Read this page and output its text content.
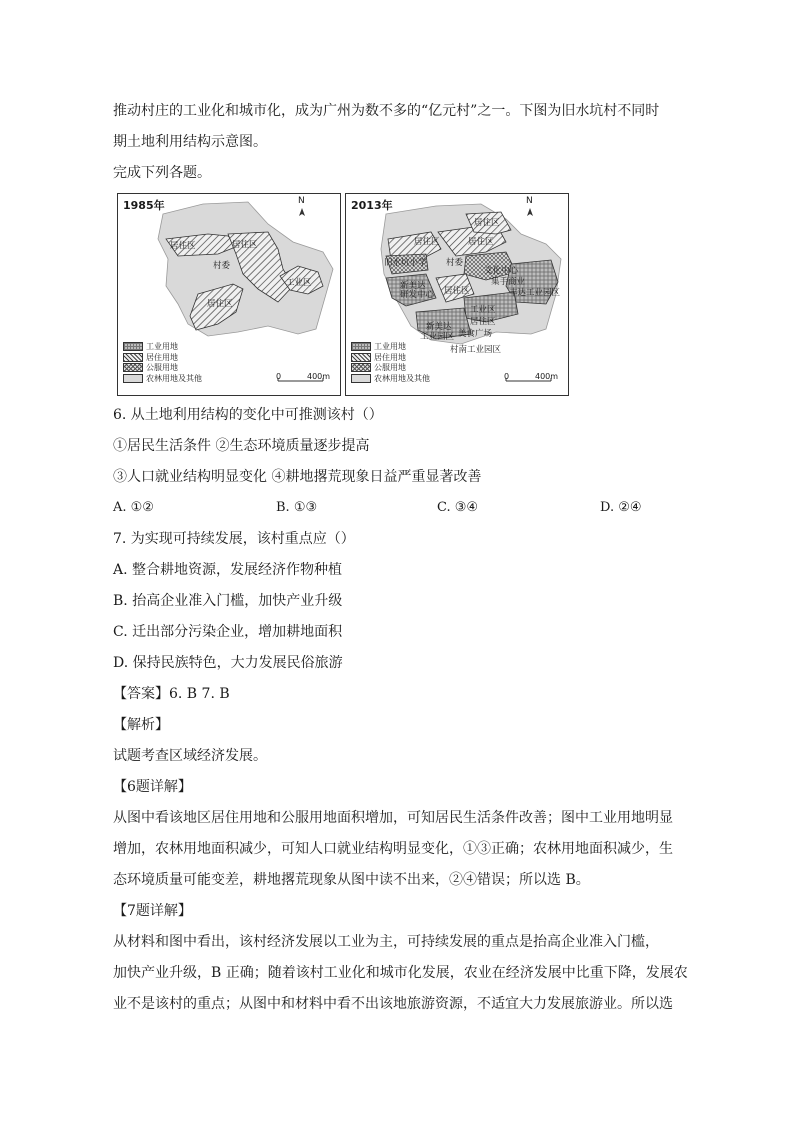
推动村庄的工业化和城市化，成为广州为数不多的“亿元村”之一。下图为旧水坑村不同时
期土地利用结构示意图。
完成下列各题。
1985年	N
居住区	居住区
村委
工业区
居住区
0	400m
工业用地
居住用地
公服用地
农林用地及其他
2013年	N
居住区
居住区	居住区
旧水坑小学 村委
文化中心
集手商业
丰达工业园区
新美达
研发中心 居住区
工业区
居住区
新美达
工业园区 美食广场
村南工业园区
0	400m
工业用地
居住用地
公服用地
农林用地及其他
6. 从土地利用结构的变化中可推测该村（）
①居民生活条件 ②生态环境质量逐步提高
③人口就业结构明显变化 ④耕地撂荒现象日益严重显著改善
A. ①②	B. ①③	C. ③④	D. ②④
7. 为实现可持续发展，该村重点应（）
A. 整合耕地资源，发展经济作物种植
B. 抬高企业准入门槛，加快产业升级
C. 迁出部分污染企业，增加耕地面积
D. 保持民族特色，大力发展民俗旅游
【答案】6. B 7. B
【解析】
试题考查区域经济发展。
【6题详解】
从图中看该地区居住用地和公服用地面积增加，可知居民生活条件改善；图中工业用地明显
增加，农林用地面积减少，可知人口就业结构明显变化，①③正确；农林用地面积减少，生
态环境质量可能变差，耕地撂荒现象从图中读不出来，②④错误；所以选 B。
【7题详解】
从材料和图中看出，该村经济发展以工业为主，可持续发展的重点是抬高企业准入门槛，
加快产业升级，B 正确；随着该村工业化和城市化发展，农业在经济发展中比重下降，发展农
业不是该村的重点；从图中和材料中看不出该地旅游资源，不适宜大力发展旅游业。所以选
